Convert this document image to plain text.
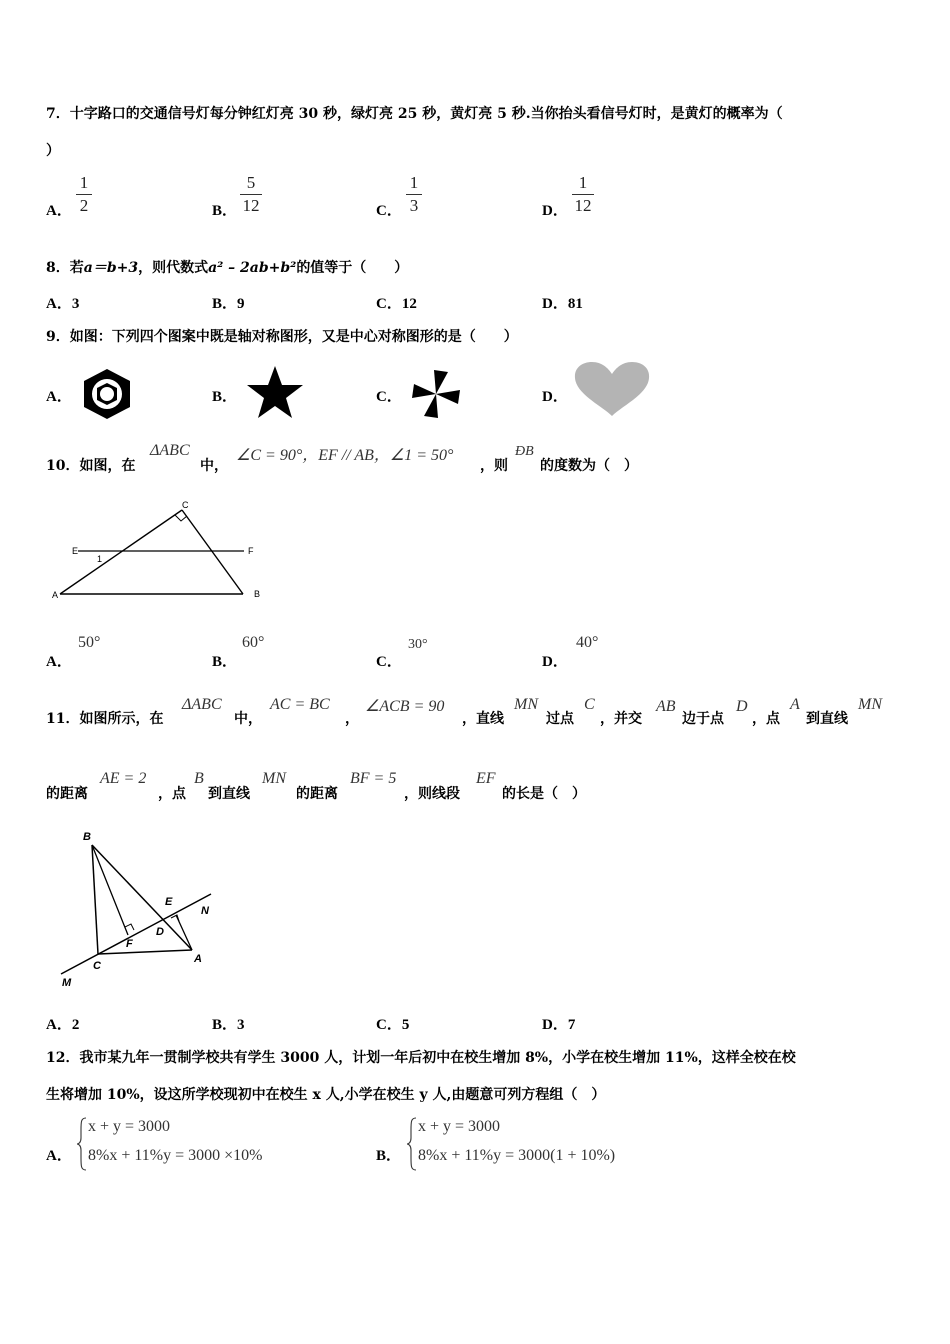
7．十字路口的交通信号灯每分钟红灯亮 30 秒，绿灯亮 25 秒，黄灯亮 5 秒.当你抬头看信号灯时，是黄灯的概率为（
）
A．
1
2	B．
5
12	C．
1
3	D．
1
12
8．若a＝b+3，则代数式a² – 2ab+b²的值等于（　　）
A．3	B．9	C．12	D．81
9．如图：下列四个图案中既是轴对称图形，又是中心对称图形的是（　　）
A．	B．	C．	D．
10．如图，在
ΔABC
中，
∠C = 90°，EF // AB，∠1 = 50°
，则
ÐB
的度数为（　）
C
E	F
1
A	B
A．
50°
B．
60°
C．
30°
D．
40°
11．如图所示，在
ΔABC
中，
AC = BC
，
∠ACB = 90
，直线
MN
过点
C
，并交
AB
边于点
D
，点
A
到直线
MN
的距离
AE = 2
，点
B
到直线
MN
的距离
BF = 5
，则线段
EF
的长是（　）
B
E
N
F
D
C
A
M
A．2	B．3	C．5	D．7
12．我市某九年一贯制学校共有学生 3000 人，计划一年后初中在校生增加 8%，小学在校生增加 11%，这样全校在校
生将增加 10%，设这所学校现初中在校生 x 人,小学在校生 y 人,由题意可列方程组（　）
A．
x + y = 3000
8%x + 11%y = 3000 ×10%	B．
x + y = 3000
8%x + 11%y = 3000(1 + 10%)
